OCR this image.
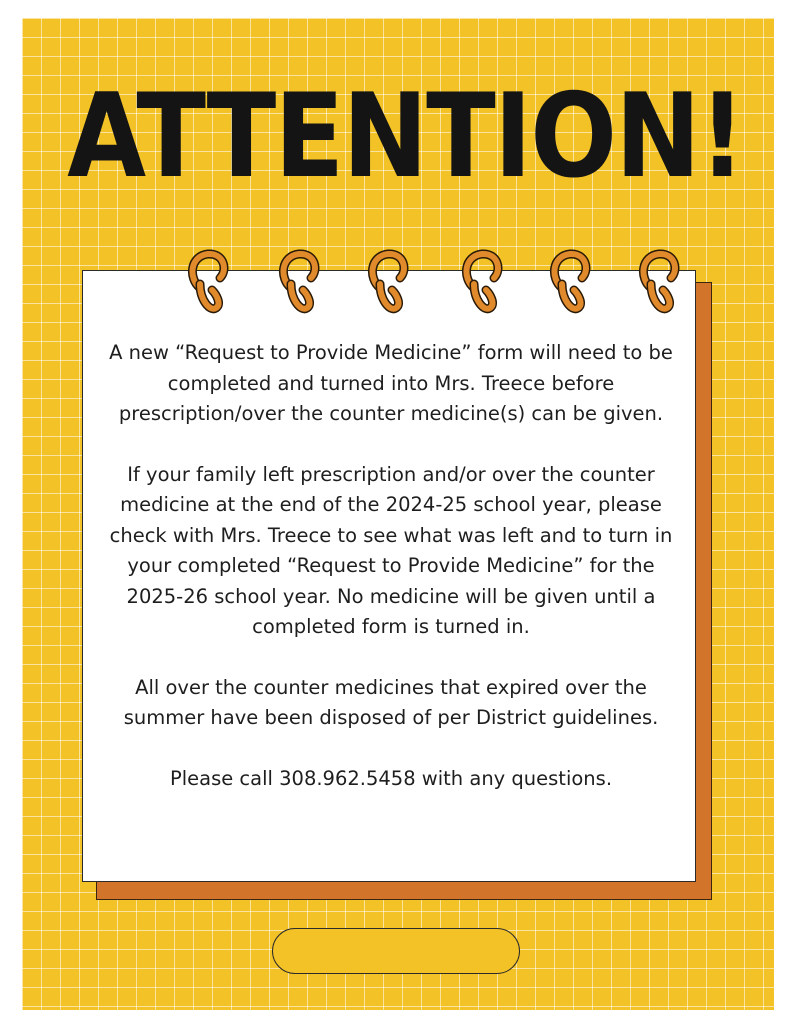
ATTENTION!

A new “Request to Provide Medicine” form will need to be completed and turned into Mrs. Treece before prescription/over the counter medicine(s) can be given.

If your family left prescription and/or over the counter medicine at the end of the 2024-25 school year, please check with Mrs. Treece to see what was left and to turn in your completed “Request to Provide Medicine” for the 2025-26 school year. No medicine will be given until a completed form is turned in.

All over the counter medicines that expired over the summer have been disposed of per District guidelines.

Please call 308.962.5458 with any questions.
